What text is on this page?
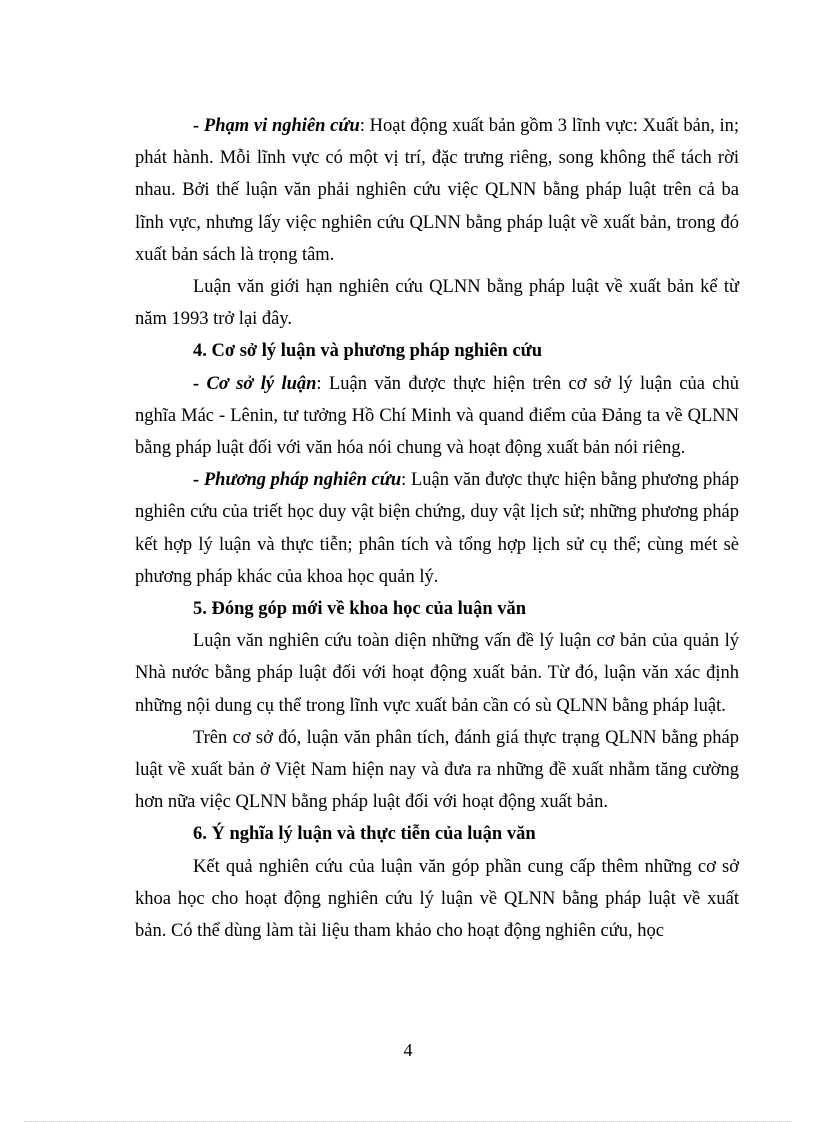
- Phạm vi nghiên cứu: Hoạt động xuất bản gồm 3 lĩnh vực: Xuất bản, in; phát hành. Mỗi lĩnh vực có một vị trí, đặc trưng riêng, song không thể tách rời nhau. Bởi thế luận văn phải nghiên cứu việc QLNN bằng pháp luật trên cả ba lĩnh vực, nhưng lấy việc nghiên cứu QLNN bằng pháp luật về xuất bản, trong đó xuất bản sách là trọng tâm.

Luận văn giới hạn nghiên cứu QLNN bằng pháp luật về xuất bản kể từ năm 1993 trở lại đây.

4. Cơ sở lý luận và phương pháp nghiên cứu

- Cơ sở lý luận: Luận văn được thực hiện trên cơ sở lý luận của chủ nghĩa Mác - Lênin, tư tưởng Hồ Chí Minh và quand điểm của Đảng ta về QLNN bằng pháp luật đối với văn hóa nói chung và hoạt động xuất bản nói riêng.

- Phương pháp nghiên cứu: Luận văn được thực hiện bằng phương pháp nghiên cứu của triết học duy vật biện chứng, duy vật lịch sử; những phương pháp kết hợp lý luận và thực tiễn; phân tích và tổng hợp lịch sử cụ thể; cùng mét sè phương pháp khác của khoa học quản lý.

5. Đóng góp mới về khoa học của luận văn

Luận văn nghiên cứu toàn diện những vấn đề lý luận cơ bản của quản lý Nhà nước bằng pháp luật đối với hoạt động xuất bản. Từ đó, luận văn xác định những nội dung cụ thể trong lĩnh vực xuất bản cần có sù QLNN bằng pháp luật.

Trên cơ sở đó, luận văn phân tích, đánh giá thực trạng QLNN bằng pháp luật về xuất bản ở Việt Nam hiện nay và đưa ra những đề xuất nhằm tăng cường hơn nữa việc QLNN bằng pháp luật đối với hoạt động xuất bản.

6. Ý nghĩa lý luận và thực tiễn của luận văn

Kết quả nghiên cứu của luận văn góp phần cung cấp thêm những cơ sở khoa học cho hoạt động nghiên cứu lý luận về QLNN bằng pháp luật về xuất bản. Có thể dùng làm tài liệu tham khảo cho hoạt động nghiên cứu, học

4
